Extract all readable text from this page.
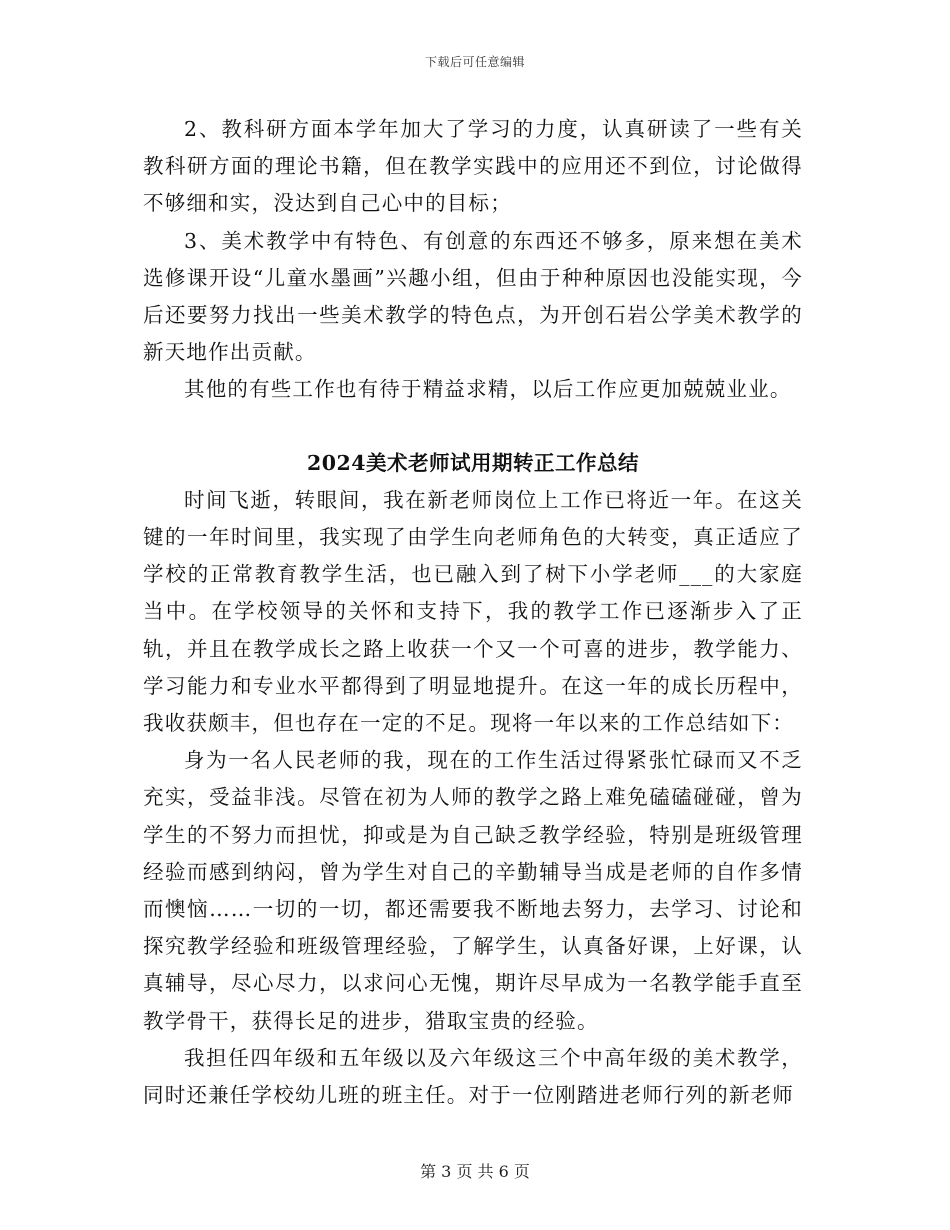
下载后可任意编辑

2、教科研方面本学年加大了学习的力度，认真研读了一些有关教科研方面的理论书籍，但在教学实践中的应用还不到位，讨论做得不够细和实，没达到自己心中的目标；

3、美术教学中有特色、有创意的东西还不够多，原来想在美术选修课开设“儿童水墨画”兴趣小组，但由于种种原因也没能实现，今后还要努力找出一些美术教学的特色点，为开创石岩公学美术教学的新天地作出贡献。

其他的有些工作也有待于精益求精，以后工作应更加兢兢业业。

2024美术老师试用期转正工作总结

时间飞逝，转眼间，我在新老师岗位上工作已将近一年。在这关键的一年时间里，我实现了由学生向老师角色的大转变，真正适应了学校的正常教育教学生活，也已融入到了树下小学老师___的大家庭当中。在学校领导的关怀和支持下，我的教学工作已逐渐步入了正轨，并且在教学成长之路上收获一个又一个可喜的进步，教学能力、学习能力和专业水平都得到了明显地提升。在这一年的成长历程中，我收获颇丰，但也存在一定的不足。现将一年以来的工作总结如下：

身为一名人民老师的我，现在的工作生活过得紧张忙碌而又不乏充实，受益非浅。尽管在初为人师的教学之路上难免磕磕碰碰，曾为学生的不努力而担忧，抑或是为自己缺乏教学经验，特别是班级管理经验而感到纳闷，曾为学生对自己的辛勤辅导当成是老师的自作多情而懊恼……一切的一切，都还需要我不断地去努力，去学习、讨论和探究教学经验和班级管理经验，了解学生，认真备好课，上好课，认真辅导，尽心尽力，以求问心无愧，期许尽早成为一名教学能手直至教学骨干，获得长足的进步，猎取宝贵的经验。

我担任四年级和五年级以及六年级这三个中高年级的美术教学，同时还兼任学校幼儿班的班主任。对于一位刚踏进老师行列的新老师

第 3 页 共 6 页
